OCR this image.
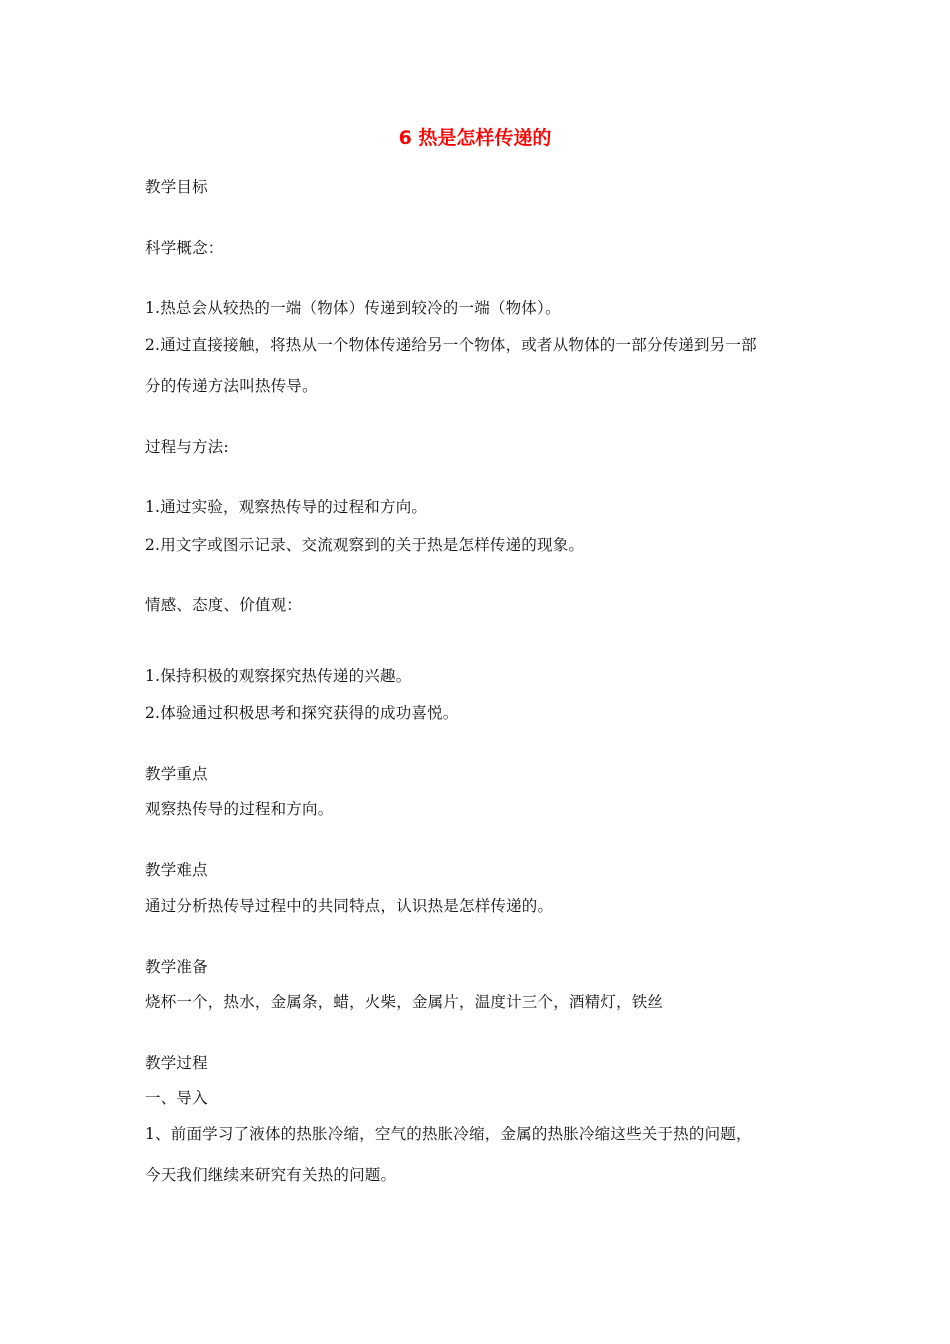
6 热是怎样传递的
教学目标
科学概念：
1.热总会从较热的一端（物体）传递到较冷的一端（物体）。
2.通过直接接触，将热从一个物体传递给另一个物体，或者从物体的一部分传递到另一部
分的传递方法叫热传导。
过程与方法:
1.通过实验，观察热传导的过程和方向。
2.用文字或图示记录、交流观察到的关于热是怎样传递的现象。
情感、态度、价值观：
1.保持积极的观察探究热传递的兴趣。
2.体验通过积极思考和探究获得的成功喜悦。
教学重点
观察热传导的过程和方向。
教学难点
通过分析热传导过程中的共同特点，认识热是怎样传递的。
教学准备
烧杯一个，热水，金属条，蜡，火柴，金属片，温度计三个，酒精灯，铁丝
教学过程
一、导入
1、前面学习了液体的热胀冷缩，空气的热胀冷缩，金属的热胀冷缩这些关于热的问题，
今天我们继续来研究有关热的问题。
